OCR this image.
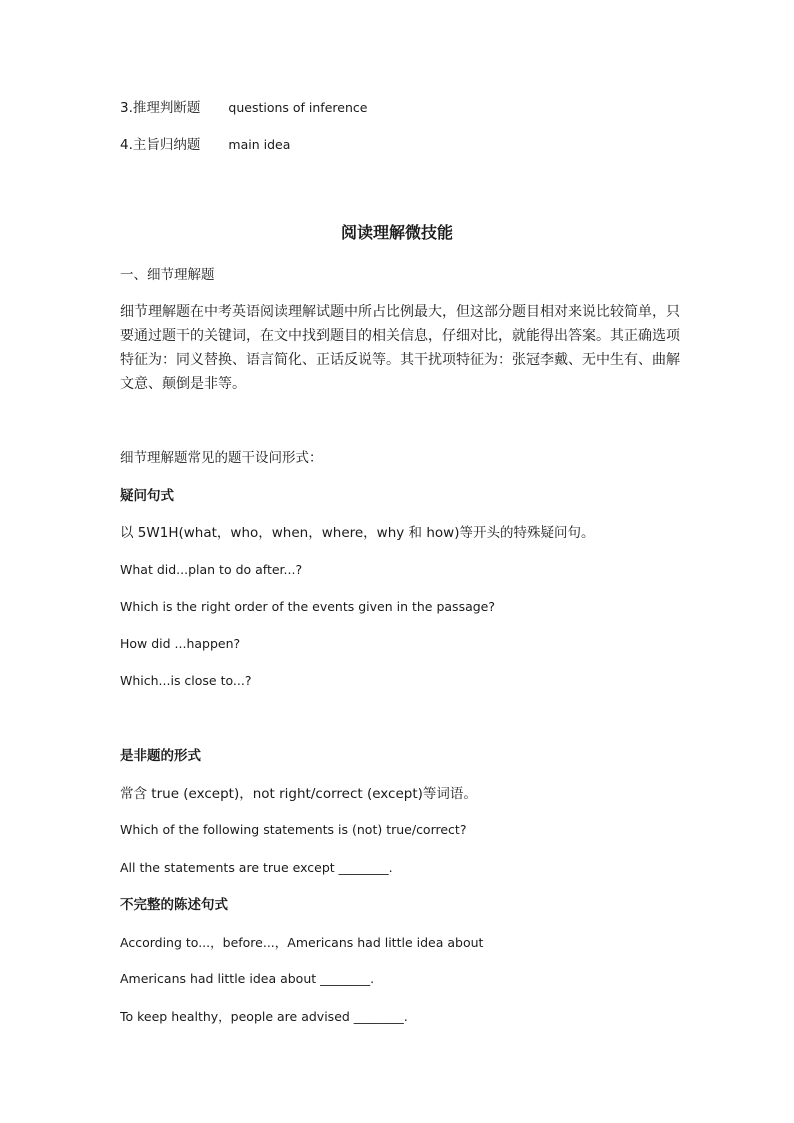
3.推理判断题 questions of inference
4.主旨归纳题 main idea
阅读理解微技能
一、细节理解题
细节理解题在中考英语阅读理解试题中所占比例最大，但这部分题目相对来说比较简单，只要通过题干的关键词，在文中找到题目的相关信息，仔细对比，就能得出答案。其正确选项特征为：同义替换、语言简化、正话反说等。其干扰项特征为：张冠李戴、无中生有、曲解文意、颠倒是非等。
细节理解题常见的题干设问形式：
疑问句式
以 5W1H(what，who，when，where，why 和 how)等开头的特殊疑问句。
What did...plan to do after...?
Which is the right order of the events given in the passage?
How did ...happen?
Which...is close to...?
是非题的形式
常含 true (except)，not right/correct (except)等词语。
Which of the following statements is (not) true/correct?
All the statements are true except ________.
不完整的陈述句式
According to...，before...，Americans had little idea about
Americans had little idea about ________.
To keep healthy，people are advised ________.
